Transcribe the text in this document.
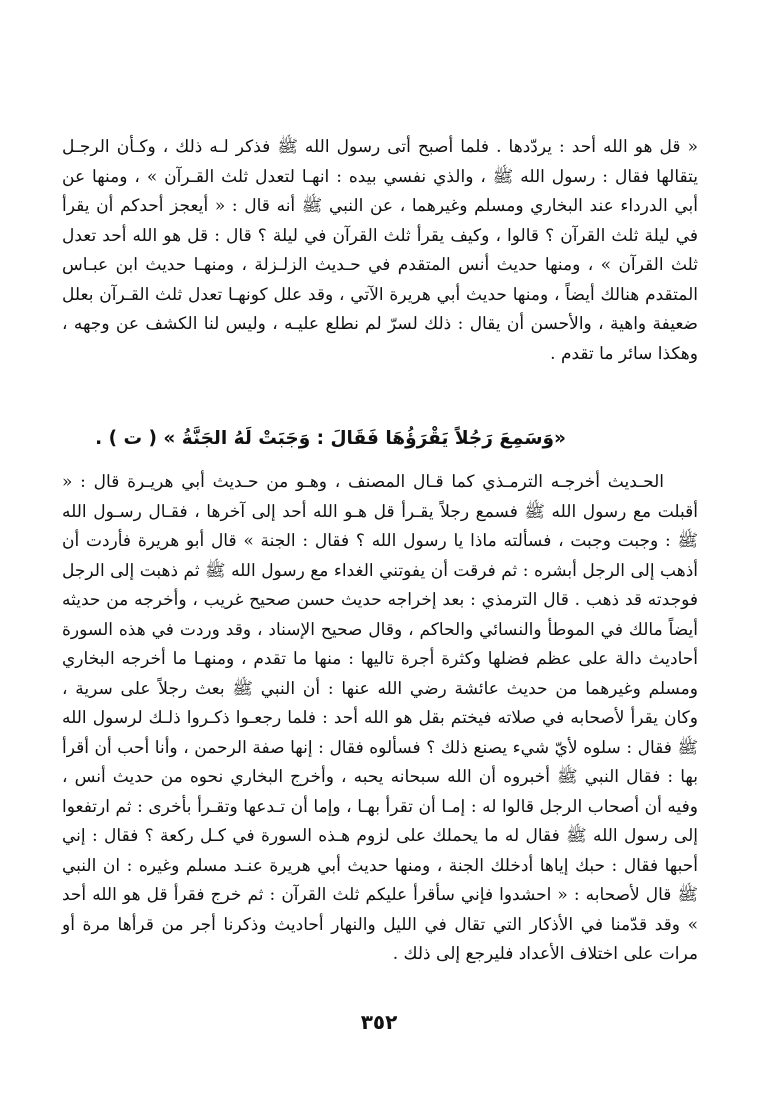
« قل هو الله أحد : يردّدها . فلما أصبح أتى رسول الله ﷺ فذكر لـه ذلك ، وكـأن الرجـل يتقالها فقال : رسول الله ﷺ ، والذي نفسي بيده : انهـا لتعدل ثلث القـرآن » ، ومنها عن أبي الدرداء عند البخاري ومسلم وغيرهما ، عن النبي ﷺ أنه قال : « أيعجز أحدكم أن يقرأ في ليلة ثلث القرآن ؟ قالوا ، وكيف يقرأ ثلث القرآن في ليلة ؟ قال : قل هو الله أحد تعدل ثلث القرآن » ، ومنها حديث أنس المتقدم في حـديث الزلـزلة ، ومنهـا حديث ابن عبـاس المتقدم هنالك أيضاً ، ومنها حديث أبي هريرة الآتي ، وقد علل كونهـا تعدل ثلث القـرآن بعلل ضعيفة واهية ، والأحسن أن يقال : ذلك لسرّ لم نطلع عليـه ، وليس لنا الكشف عن وجهه ، وهكذا سائر ما تقدم .

«وَسَمِعَ رَجُلاً يَقْرَؤُهَا فَقَالَ : وَجَبَتْ لَهُ الجَنَّةُ » ( ت ) .

الحـديث أخرجـه الترمـذي كما قـال المصنف ، وهـو من حـديث أبي هريـرة قال : « أقبلت مع رسول الله ﷺ فسمع رجلاً يقـرأ قل هـو الله أحد إلى آخرها ، فقـال رسـول الله ﷺ : وجبت وجبت ، فسألته ماذا يا رسول الله ؟ فقال : الجنة » قال أبو هريرة فأردت أن أذهب إلى الرجل أبشره : ثم فرقت أن يفوتني الغداء مع رسول الله ﷺ ثم ذهبت إلى الرجل فوجدته قد ذهب . قال الترمذي : بعد إخراجه حديث حسن صحيح غريب ، وأخرجه من حديثه أيضاً مالك في الموطأ والنسائي والحاكم ، وقال صحيح الإسناد ، وقد وردت في هذه السورة أحاديث دالة على عظم فضلها وكثرة أجرة تاليها : منها ما تقدم ، ومنهـا ما أخرجه البخاري ومسلم وغيرهما من حديث عائشة رضي الله عنها : أن النبي ﷺ بعث رجلاً على سرية ، وكان يقرأ لأصحابه في صلاته فيختم بقل هو الله أحد : فلما رجعـوا ذكـروا ذلـك لرسول الله ﷺ فقال : سلوه لأيّ شيء يصنع ذلك ؟ فسألوه فقال : إنها صفة الرحمن ، وأنا أحب أن أقرأ بها : فقال النبي ﷺ أخبروه أن الله سبحانه يحبه ، وأخرج البخاري نحوه من حديث أنس ، وفيه أن أصحاب الرجل قالوا له : إمـا أن تقرأ بهـا ، وإما أن تـدعها وتقـرأ بأخرى : ثم ارتفعوا إلى رسول الله ﷺ فقال له ما يحملك على لزوم هـذه السورة في كـل ركعة ؟ فقال : إني أحبها فقال : حبك إياها أدخلك الجنة ، ومنها حديث أبي هريرة عنـد مسلم وغيره : ان النبي ﷺ قال لأصحابه : « احشدوا فإني سأقرأ عليكم ثلث القرآن : ثم خرج فقرأ قل هو الله أحد » وقد قدّمنا في الأذكار التي تقال في الليل والنهار أحاديث وذكرنا أجر من قرأها مرة أو مرات على اختلاف الأعداد فليرجع إلى ذلك .

٣٥٢
